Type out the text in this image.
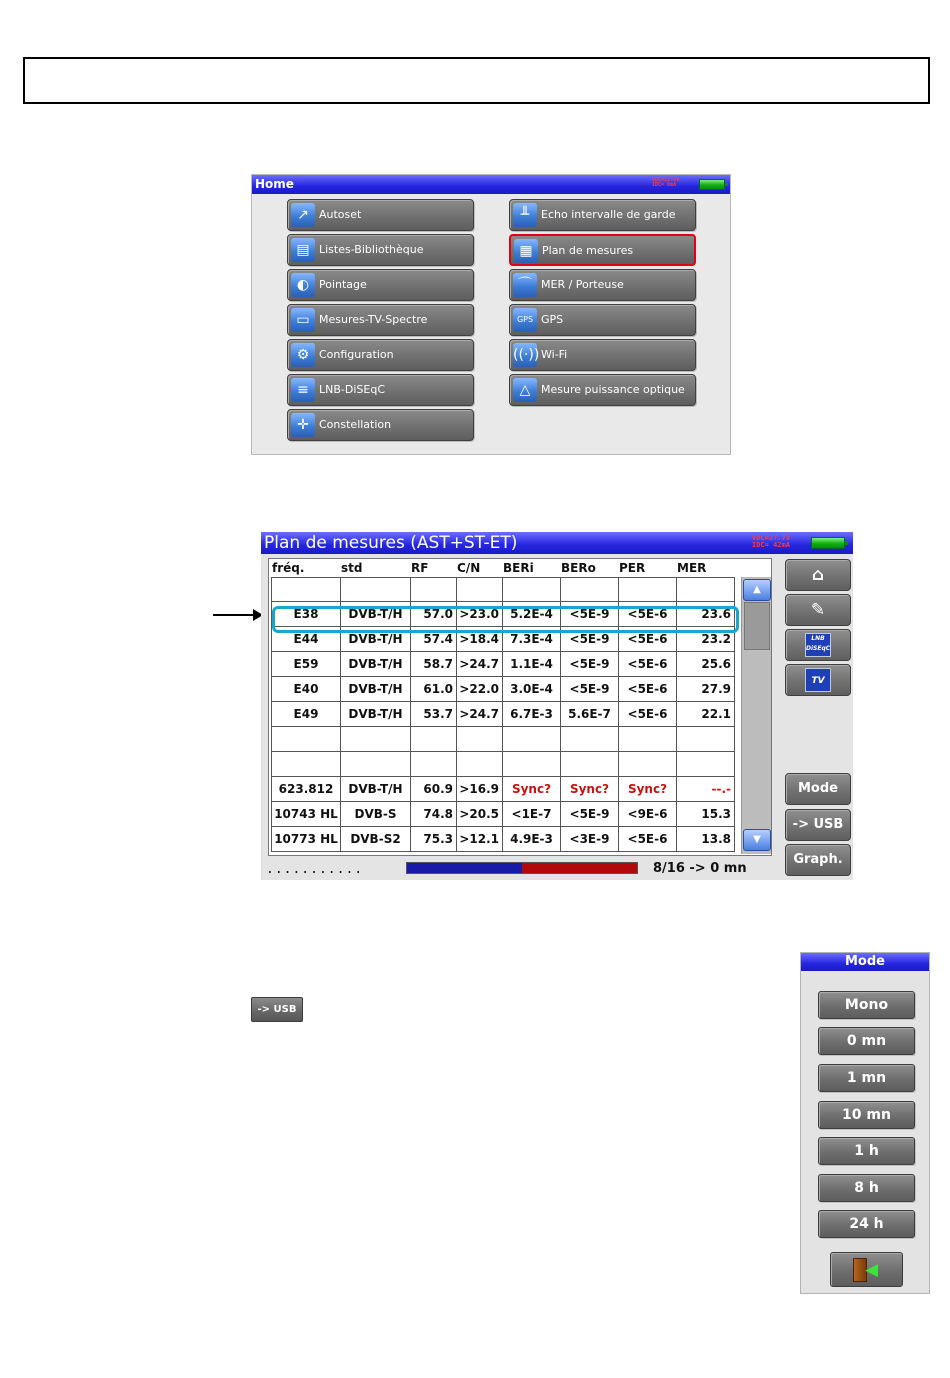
Home	VDC=12.0V
IDC= 0mA
↗ Autoset
▤ Listes-Bibliothèque
◐ Pointage
▭ Mesures-TV-Spectre
⚙ Configuration
≡ LNB-DiSEqC
✛ Constellation
╨	Echo intervalle de garde
▦ Plan de mesures
⌒ MER / Porteuse
GPS GPS
((·)) Wi-Fi
△ Mesure puissance optique
Plan de mesures (AST+ST-ET)	VDC=17.7V
IDC= 42mA
fréq.	std	RF C/N BERi BERo PER	MER
E38	DVB-T/H	57.0 >23.0 5.2E-4	<5E-9	<5E-6	23.6
E44	DVB-T/H	57.4 >18.4 7.3E-4	<5E-9	<5E-6	23.2
E59	DVB-T/H	58.7 >24.7 1.1E-4	<5E-9	<5E-6	25.6
E40	DVB-T/H	61.0 >22.0 3.0E-4	<5E-9	<5E-6	27.9
E49	DVB-T/H	53.7 >24.7 6.7E-3	5.6E-7	<5E-6	22.1
623.812	DVB-T/H	60.9 >16.9	Sync?	Sync?	Sync?	--.-
10743 HL	DVB-S	74.8 >20.5	<1E-7	<5E-9	<9E-6	15.3
10773 HL	DVB-S2	75.3 >12.1 4.9E-3	<3E-9	<5E-6	13.8
▲
▼
⌂
✎
LNB
DiSEqC
TV
Mode
-> USB
Graph.
...........	8/16 -> 0 mn
-> USB
Mode
Mono
0 mn
1 mn
10 mn
1 h
8 h
24 h
◀
